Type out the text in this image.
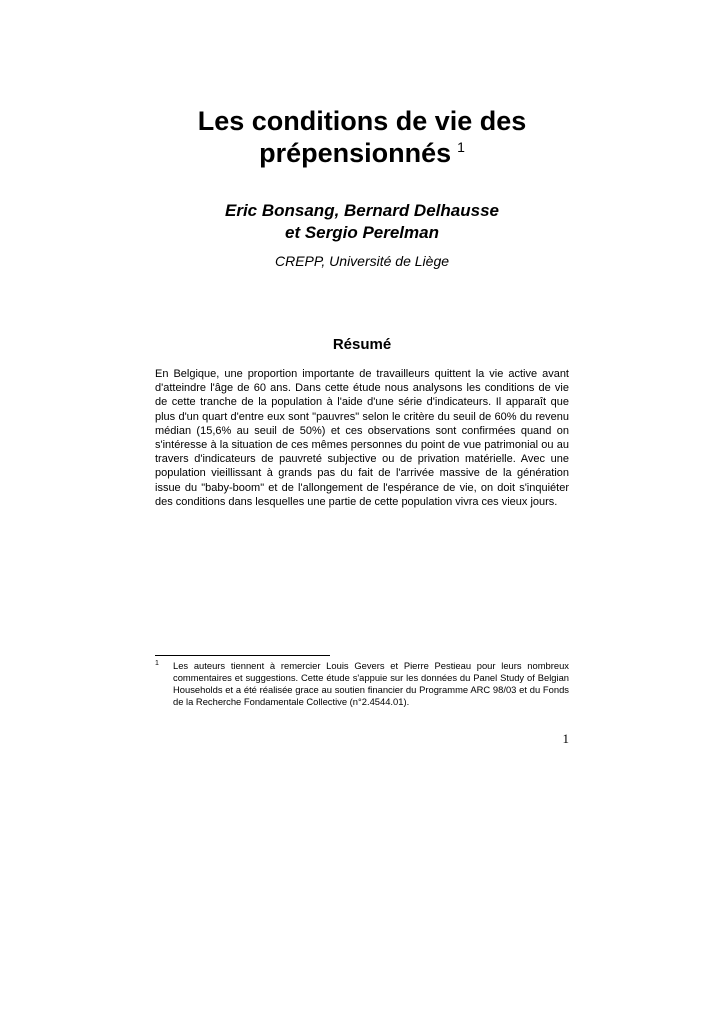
Les conditions de vie des
prépensionnés $^1$
Eric Bonsang, Bernard Delhausse
et Sergio Perelman
CREPP, Université de Liège
Résumé

En Belgique, une proportion importante de travailleurs quittent la vie active avant d'atteindre l'âge de 60 ans. Dans cette étude nous analysons les conditions de vie de cette tranche de la population à l'aide d'une série d'indicateurs. Il apparaît que plus d'un quart d'entre eux sont "pauvres" selon le critère du seuil de 60% du revenu médian (15,6% au seuil de 50%) et ces observations sont confirmées quand on s'intéresse à la situation de ces mêmes personnes du point de vue patrimonial ou au travers d'indicateurs de pauvreté subjective ou de privation matérielle. Avec une population vieillissant à grands pas du fait de l'arrivée massive de la génération issue du "baby-boom" et de l'allongement de l'espérance de vie, on doit s'inquiéter des conditions dans lesquelles une partie de cette population vivra ces vieux jours.

1 Les auteurs tiennent à remercier Louis Gevers et Pierre Pestieau pour leurs nombreux commentaires et suggestions. Cette étude s'appuie sur les données du Panel Study of Belgian Households et a été réalisée grace au soutien financier du Programme ARC 98/03 et du Fonds de la Recherche Fondamentale Collective (n°2.4544.01).
1
